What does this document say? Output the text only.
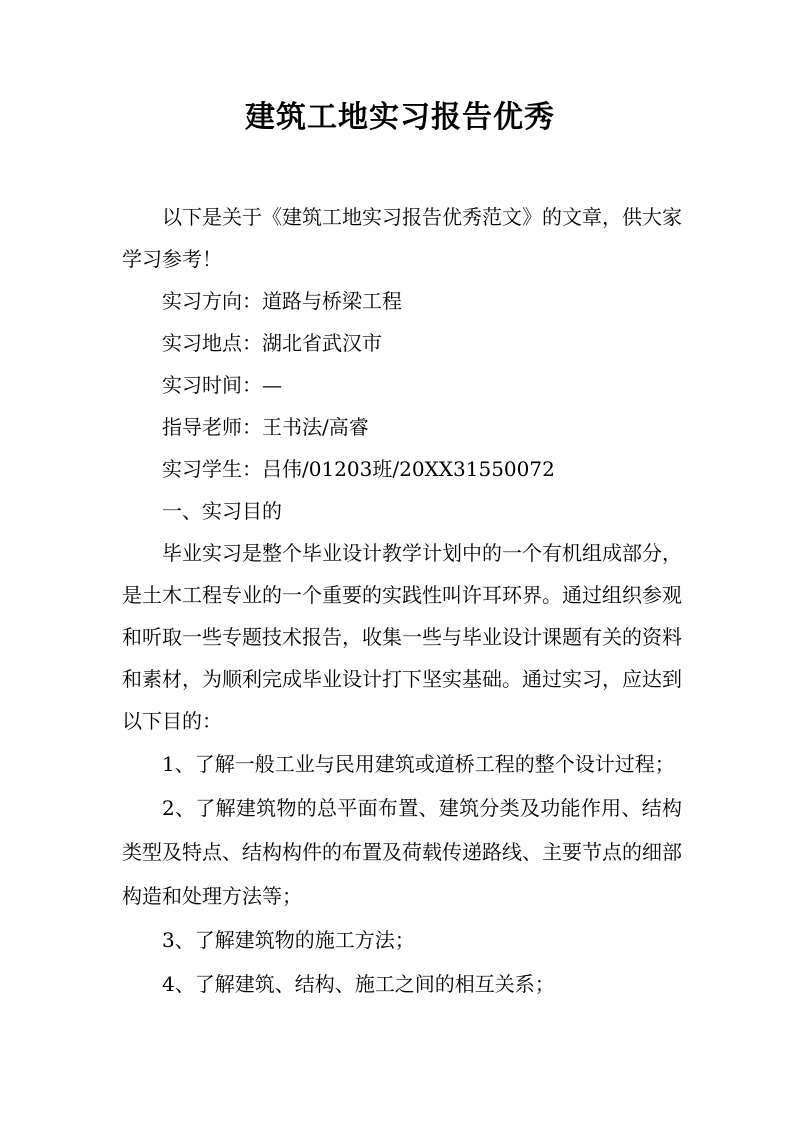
建筑工地实习报告优秀

以下是关于《建筑工地实习报告优秀范文》的文章，供大家学习参考！

实习方向：道路与桥梁工程

实习地点：湖北省武汉市

实习时间：—

指导老师：王书法/高睿

实习学生：吕伟/01203班/20XX31550072

一、实习目的

毕业实习是整个毕业设计教学计划中的一个有机组成部分，是土木工程专业的一个重要的实践性叫许耳环界。通过组织参观和听取一些专题技术报告，收集一些与毕业设计课题有关的资料和素材，为顺利完成毕业设计打下坚实基础。通过实习，应达到以下目的：

1、了解一般工业与民用建筑或道桥工程的整个设计过程；

2、了解建筑物的总平面布置、建筑分类及功能作用、结构类型及特点、结构构件的布置及荷载传递路线、主要节点的细部构造和处理方法等；

3、了解建筑物的施工方法；

4、了解建筑、结构、施工之间的相互关系；
